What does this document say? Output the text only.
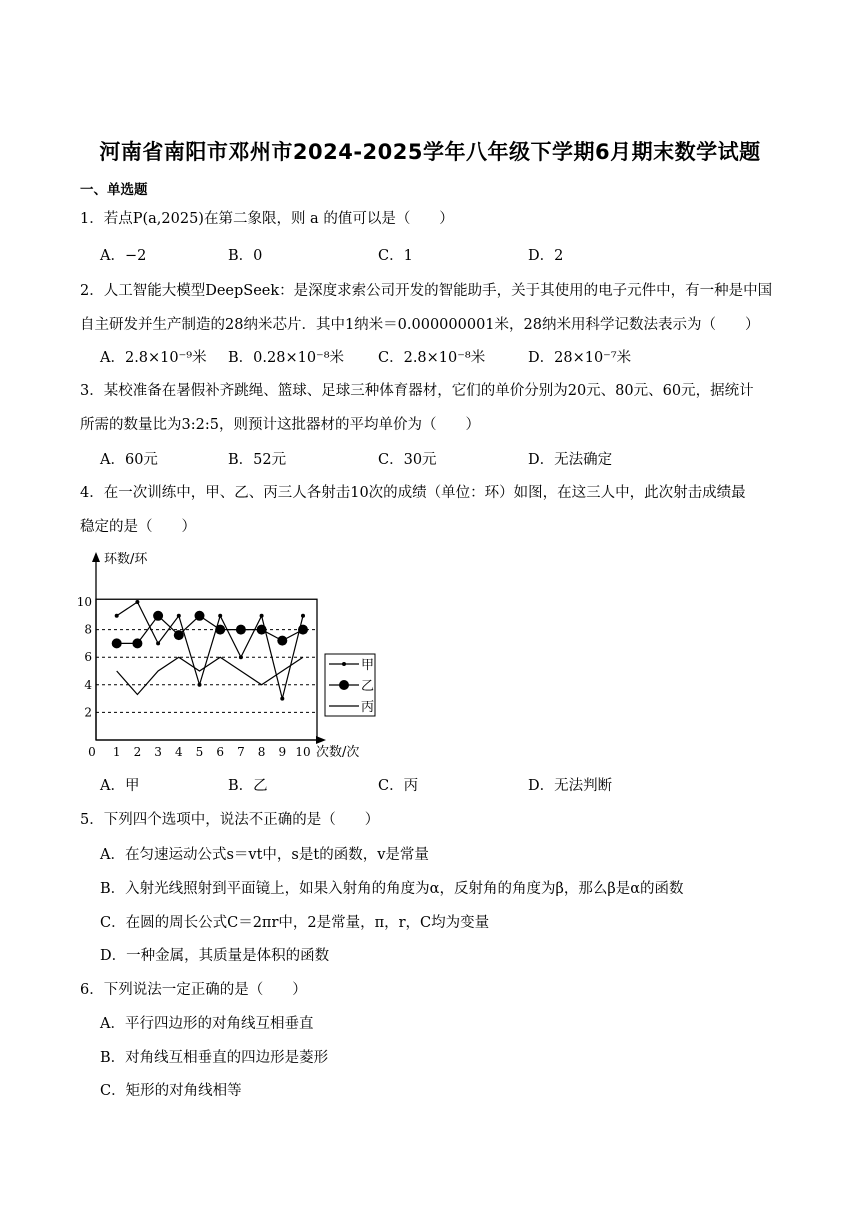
河南省南阳市邓州市2024-2025学年八年级下学期6月期末数学试题
一、单选题
1．若点P(a,2025)在第二象限，则 a 的值可以是（　　）
A．−2	B．0	C．1	D．2
2．人工智能大模型DeepSeek：是深度求索公司开发的智能助手，关于其使用的电子元件中，有一种是中国
自主研发并生产制造的28纳米芯片．其中1纳米＝0.000000001米，28纳米用科学记数法表示为（　　）
A．2.8×10⁻⁹米 B．0.28×10⁻⁸米 C．2.8×10⁻⁸米	D．28×10⁻⁷米
3．某校准备在暑假补齐跳绳、篮球、足球三种体育器材，它们的单价分别为20元、80元、60元，据统计
所需的数量比为3:2:5，则预计这批器材的平均单价为（　　）
A．60元	B．52元	C．30元	D．无法确定
4．在一次训练中，甲、乙、丙三人各射击10次的成绩（单位：环）如图，在这三人中，此次射击成绩最
稳定的是（　　）
2
4
6
8
10
0 1 2 3 4 5 6 7 8 9 10
环数/环
次数/次
甲
乙
丙
A．甲	B．乙	C．丙	D．无法判断
5．下列四个选项中，说法不正确的是（　　）
A．在匀速运动公式s＝vt中，s是t的函数，v是常量
B．入射光线照射到平面镜上，如果入射角的角度为α，反射角的角度为β，那么β是α的函数
C．在圆的周长公式C＝2πr中，2是常量，π，r，C均为变量
D．一种金属，其质量是体积的函数
6．下列说法一定正确的是（　　）
A．平行四边形的对角线互相垂直
B．对角线互相垂直的四边形是菱形
C．矩形的对角线相等
